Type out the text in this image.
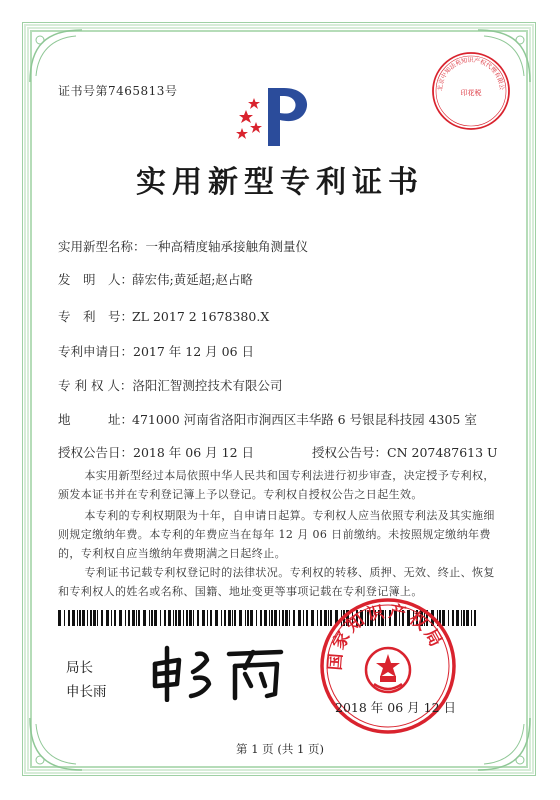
证书号第7465813号	北京中知法苑知识产权代理有限公
印花税
实用新型专利证书
实用新型名称：一种高精度轴承接触角测量仪
发　明　人：薛宏伟;黄延超;赵占略
专　利　号：ZL 2017 2 1678380.X
专利申请日：2017 年 12 月 06 日
专 利 权 人：洛阳汇智测控技术有限公司
地　　　址：471000 河南省洛阳市涧西区丰华路 6 号银昆科技园 4305 室
授权公告日：2018 年 06 月 12 日	授权公告号：CN 207487613 U
本实用新型经过本局依照中华人民共和国专利法进行初步审查，决定授予专利权，颁发本证书并在专利登记簿上予以登记。专利权自授权公告之日起生效。
本专利的专利权期限为十年，自申请日起算。专利权人应当依照专利法及其实施细则规定缴纳年费。本专利的年费应当在每年 12 月 06 日前缴纳。未按照规定缴纳年费的，专利权自应当缴纳年费期满之日起终止。
专利证书记载专利权登记时的法律状况。专利权的转移、质押、无效、终止、恢复和专利权人的姓名或名称、国籍、地址变更等事项记载在专利登记簿上。
局长
申长雨
国家知识产权局
2018 年 06 月 12 日
第 1 页 (共 1 页)
